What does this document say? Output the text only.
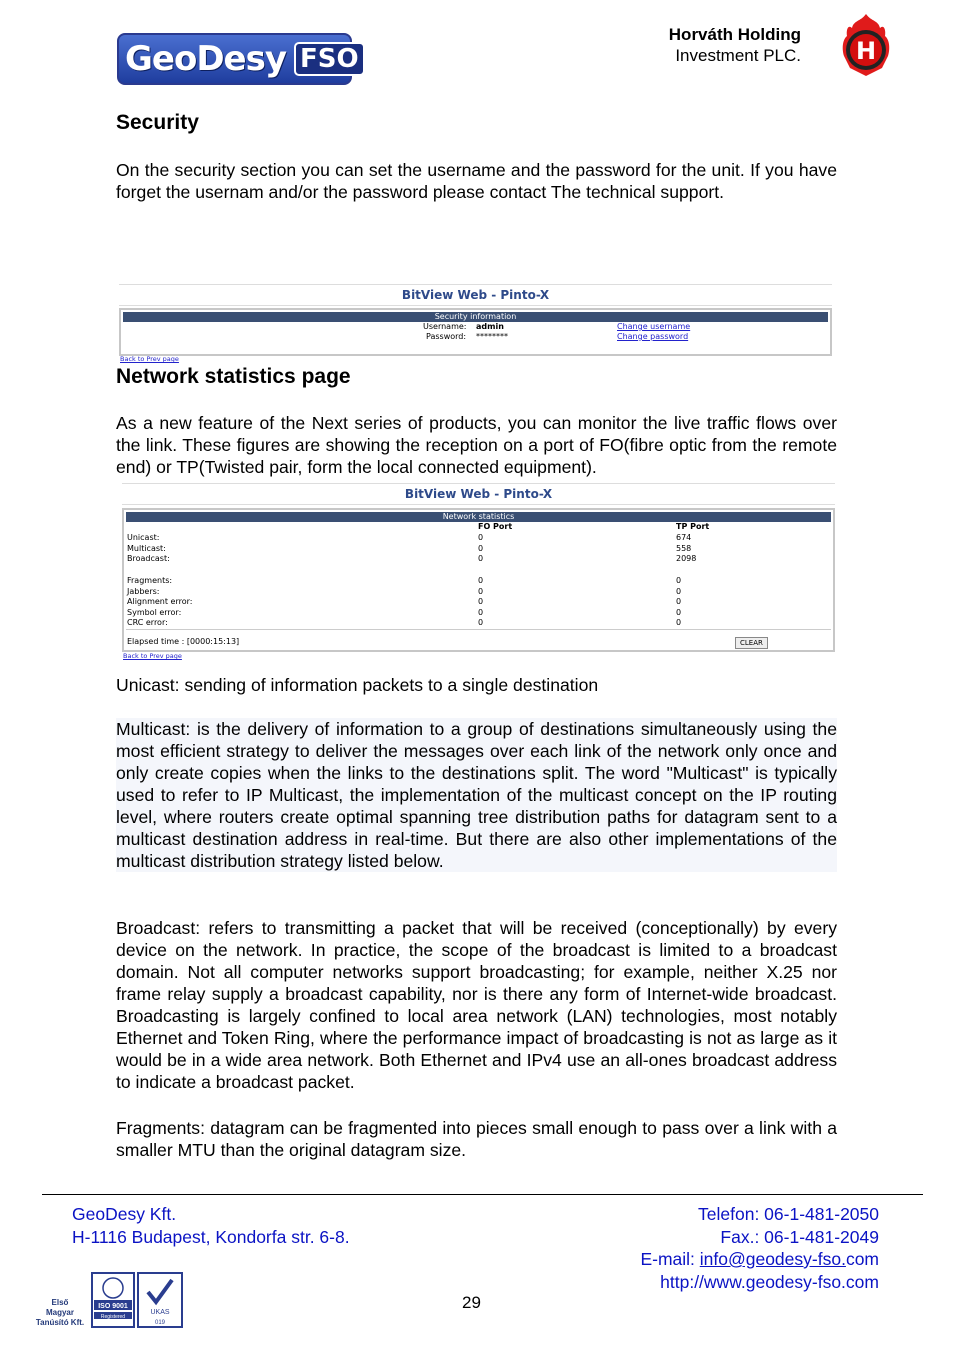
GeoDesy FSO
Horváth Holding
Investment PLC. H
Security
On the security section you can set the username and the password for the unit. If you have forget the usernam and/or the password please contact The technical support.
BitView Web - Pinto-X
Security information
Username: admin
Password: ********
Change username
Change password
Back to Prev page
Network statistics page
As a new feature of the Next series of products, you can monitor the live traffic flows over the link. These figures are showing the reception on a port of FO(fibre optic from the remote end) or TP(Twisted pair, form the local connected equipment).
BitView Web - Pinto-X
Network statistics
FO Port	TP Port
Unicast:	0	674
Multicast:	0	558
Broadcast:	0	2098
Fragments:	0	0
Jabbers:	0	0
Alignment error:	0	0
Symbol error:	0	0
CRC error:	0	0
Elapsed time : [0000:15:13]	CLEAR
Back to Prev page
Unicast: sending of information packets to a single destination
Multicast: is the delivery of information to a group of destinations simultaneously using the most efficient strategy to deliver the messages over each link of the network only once and only create copies when the links to the destinations split. The word "Multicast" is typically used to refer to IP Multicast, the implementation of the multicast concept on the IP routing level, where routers create optimal spanning tree distribution paths for datagram sent to a multicast destination address in real-time. But there are also other implementations of the multicast distribution strategy listed below.
Broadcast: refers to transmitting a packet that will be received (conceptionally) by every device on the network. In practice, the scope of the broadcast is limited to a broadcast domain. Not all computer networks support broadcasting; for example, neither X.25 nor frame relay supply a broadcast capability, nor is there any form of Internet-wide broadcast. Broadcasting is largely confined to local area network (LAN) technologies, most notably Ethernet and Token Ring, where the performance impact of broadcasting is not as large as it would be in a wide area network. Both Ethernet and IPv4 use an all-ones broadcast address to indicate a broadcast packet.
Fragments: datagram can be fragmented into pieces small enough to pass over a link with a smaller MTU than the original datagram size.
GeoDesy Kft.
H-1116 Budapest, Kondorfa str. 6-8.
Telefon: 06-1-481-2050
Fax.: 06-1-481-2049
E-mail: info@geodesy-fso.com
http://www.geodesy-fso.com
29
Első
Magyar
Tanúsító Kft.
ISO 9001
Registered
UKAS
019
